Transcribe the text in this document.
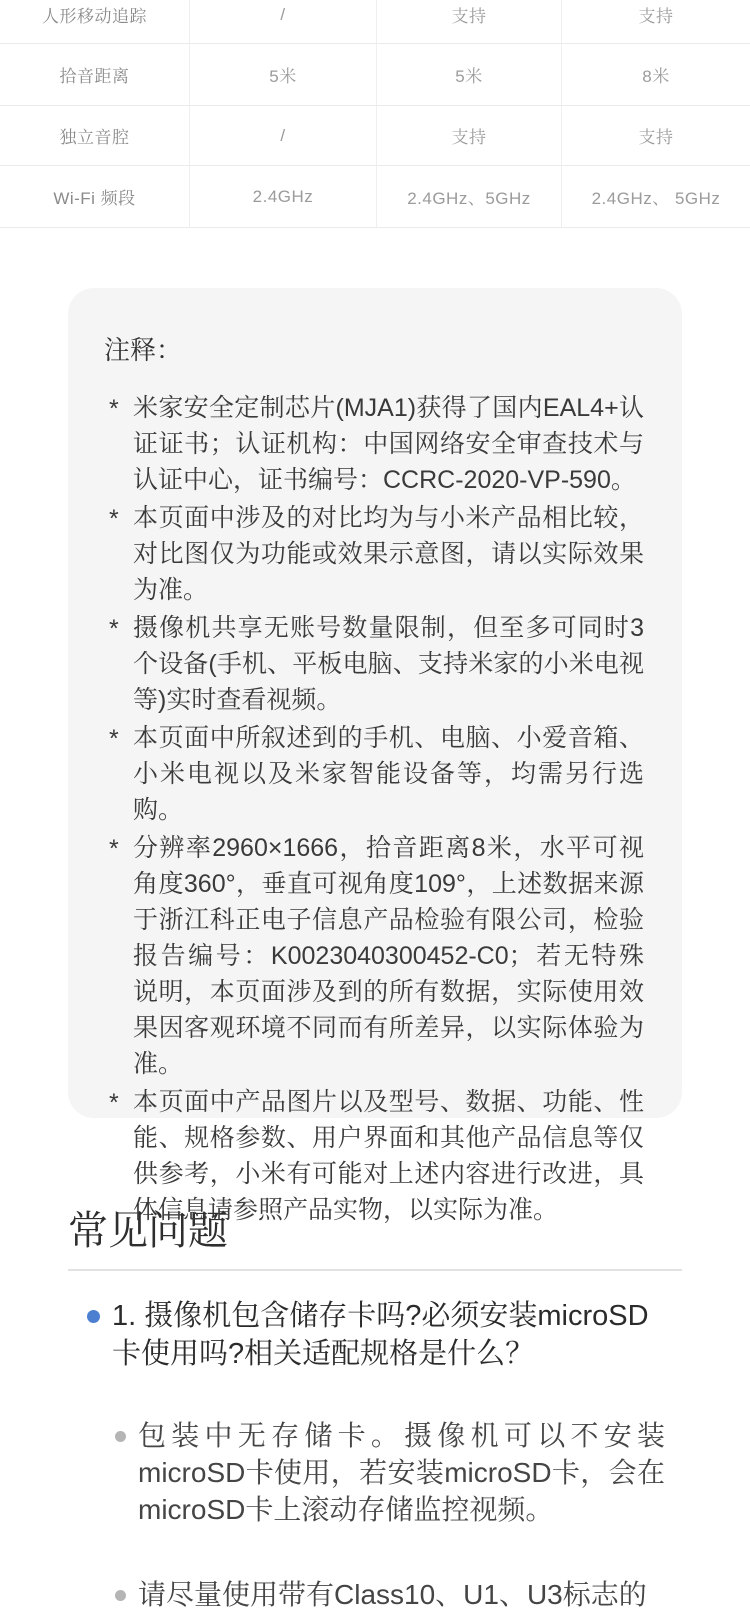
人形移动追踪	/	支持	支持
拾音距离	5米	5米	8米
独立音腔	/	支持	支持
Wi-Fi 频段	2.4GHz	2.4GHz、5GHz	2.4GHz、 5GHz
注释：
* 米家安全定制芯片(MJA1)获得了国内EAL4+认证证书；认证机构：中国网络安全审查技术与认证中心，证书编号：CCRC-2020-VP-590。
* 本页面中涉及的对比均为与小米产品相比较，对比图仅为功能或效果示意图，请以实际效果为准。
* 摄像机共享无账号数量限制，但至多可同时3个设备(手机、平板电脑、支持米家的小米电视等)实时查看视频。
* 本页面中所叙述到的手机、电脑、小爱音箱、小米电视以及米家智能设备等，均需另行选购。
* 分辨率2960×1666，拾音距离8米，水平可视角度360°，垂直可视角度109°，上述数据来源于浙江科正电子信息产品检验有限公司，检验报告编号：K0023040300452-C0；若无特殊说明，本页面涉及到的所有数据，实际使用效果因客观环境不同而有所差异，以实际体验为准。
* 本页面中产品图片以及型号、数据、功能、性能、规格参数、用户界面和其他产品信息等仅供参考，小米有可能对上述内容进行改进，具体信息请参照产品实物，以实际为准。
常见问题
1. 摄像机包含储存卡吗?必须安装microSD卡使用吗?相关适配规格是什么？
包装中无存储卡。摄像机可以不安装microSD卡使用，若安装microSD卡，会在microSD卡上滚动存储监控视频。
请尽量使用带有Class10、U1、U3标志的
